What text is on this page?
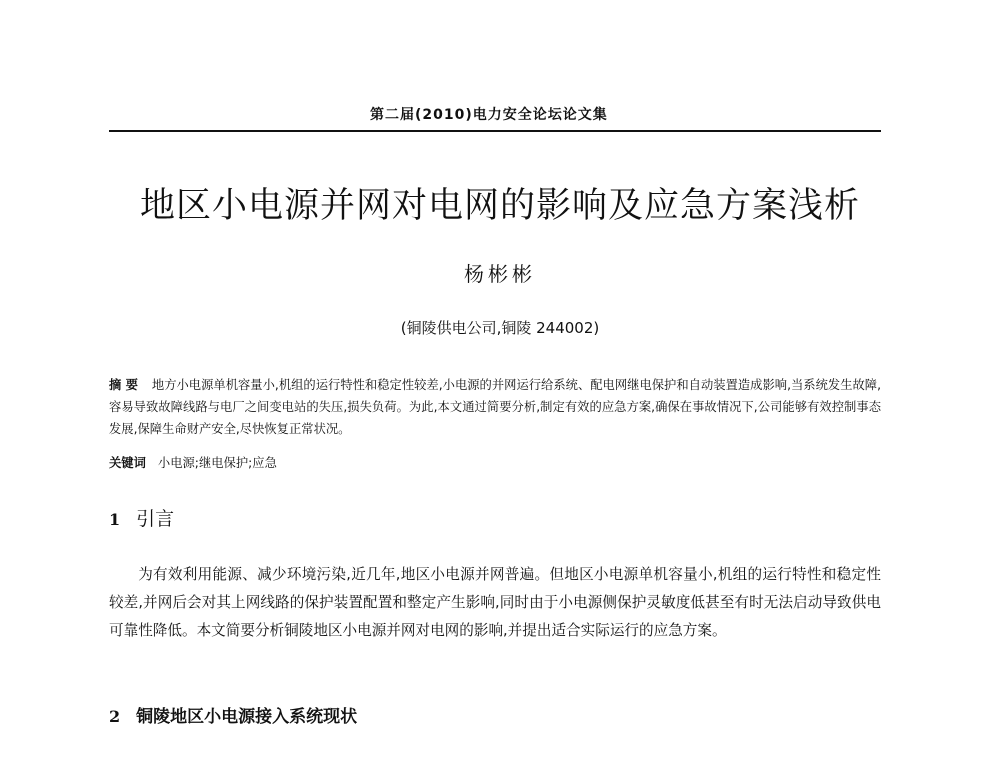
第二届(2010)电力安全论坛论文集
地区小电源并网对电网的影响及应急方案浅析
杨彬彬
(铜陵供电公司,铜陵 244002)
摘 要 地方小电源单机容量小,机组的运行特性和稳定性较差,小电源的并网运行给系统、配电网继电保护和自动装置造成影响,当系统发生故障,容易导致故障线路与电厂之间变电站的失压,损失负荷。为此,本文通过简要分析,制定有效的应急方案,确保在事故情况下,公司能够有效控制事态发展,保障生命财产安全,尽快恢复正常状况。
关键词 小电源;继电保护;应急
1 引言
为有效利用能源、减少环境污染,近几年,地区小电源并网普遍。但地区小电源单机容量小,机组的运行特性和稳定性较差,并网后会对其上网线路的保护装置配置和整定产生影响,同时由于小电源侧保护灵敏度低甚至有时无法启动导致供电可靠性降低。本文简要分析铜陵地区小电源并网对电网的影响,并提出适合实际运行的应急方案。
2 铜陵地区小电源接入系统现状
